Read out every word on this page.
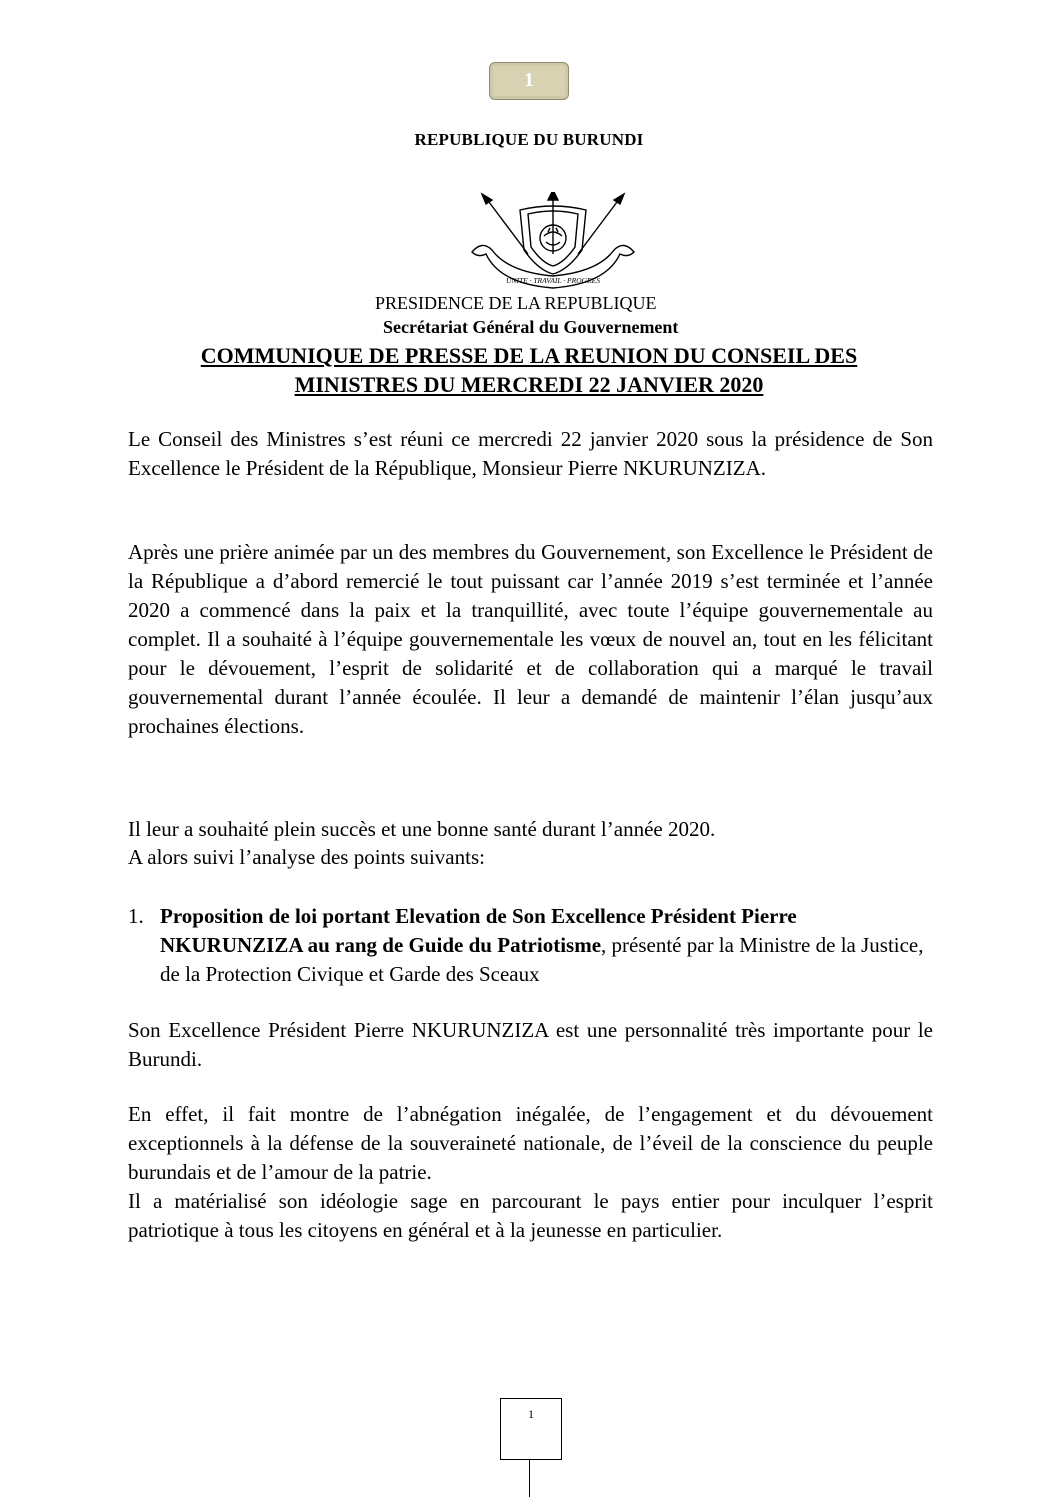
1
REPUBLIQUE DU BURUNDI
UNITE · TRAVAIL · PROGRES
PRESIDENCE DE LA REPUBLIQUE
Secrétariat Général du Gouvernement
COMMUNIQUE DE PRESSE DE LA REUNION DU CONSEIL DES
MINISTRES DU MERCREDI 22 JANVIER 2020

Le Conseil des Ministres s’est réuni ce mercredi 22 janvier 2020 sous la présidence de Son Excellence le Président de la République, Monsieur Pierre NKURUNZIZA.

Après une prière animée par un des membres du Gouvernement, son Excellence le Président de la République a d’abord remercié le tout puissant car l’année 2019 s’est terminée et l’année 2020 a commencé dans la paix et la tranquillité, avec toute l’équipe gouvernementale au complet. Il a souhaité à l’équipe gouvernementale les vœux de nouvel an, tout en les félicitant pour le dévouement, l’esprit de solidarité et de collaboration qui a marqué le travail gouvernemental durant l’année écoulée. Il leur a demandé de maintenir l’élan jusqu’aux prochaines élections.

Il leur a souhaité plein succès et une bonne santé durant l’année 2020.

A alors suivi l’analyse des points suivants:

1. Proposition de loi portant Elevation de Son Excellence Président Pierre NKURUNZIZA au rang de Guide du Patriotisme, présenté par la Ministre de la Justice, de la Protection Civique et Garde des Sceaux

Son Excellence Président Pierre NKURUNZIZA est une personnalité très importante pour le Burundi.

En effet, il fait montre de l’abnégation inégalée, de l’engagement et du dévouement exceptionnels à la défense de la souveraineté nationale, de l’éveil de la conscience du peuple burundais et de l’amour de la patrie.

Il a matérialisé son idéologie sage en parcourant le pays entier pour inculquer l’esprit patriotique à tous les citoyens en général et à la jeunesse en particulier.

1
